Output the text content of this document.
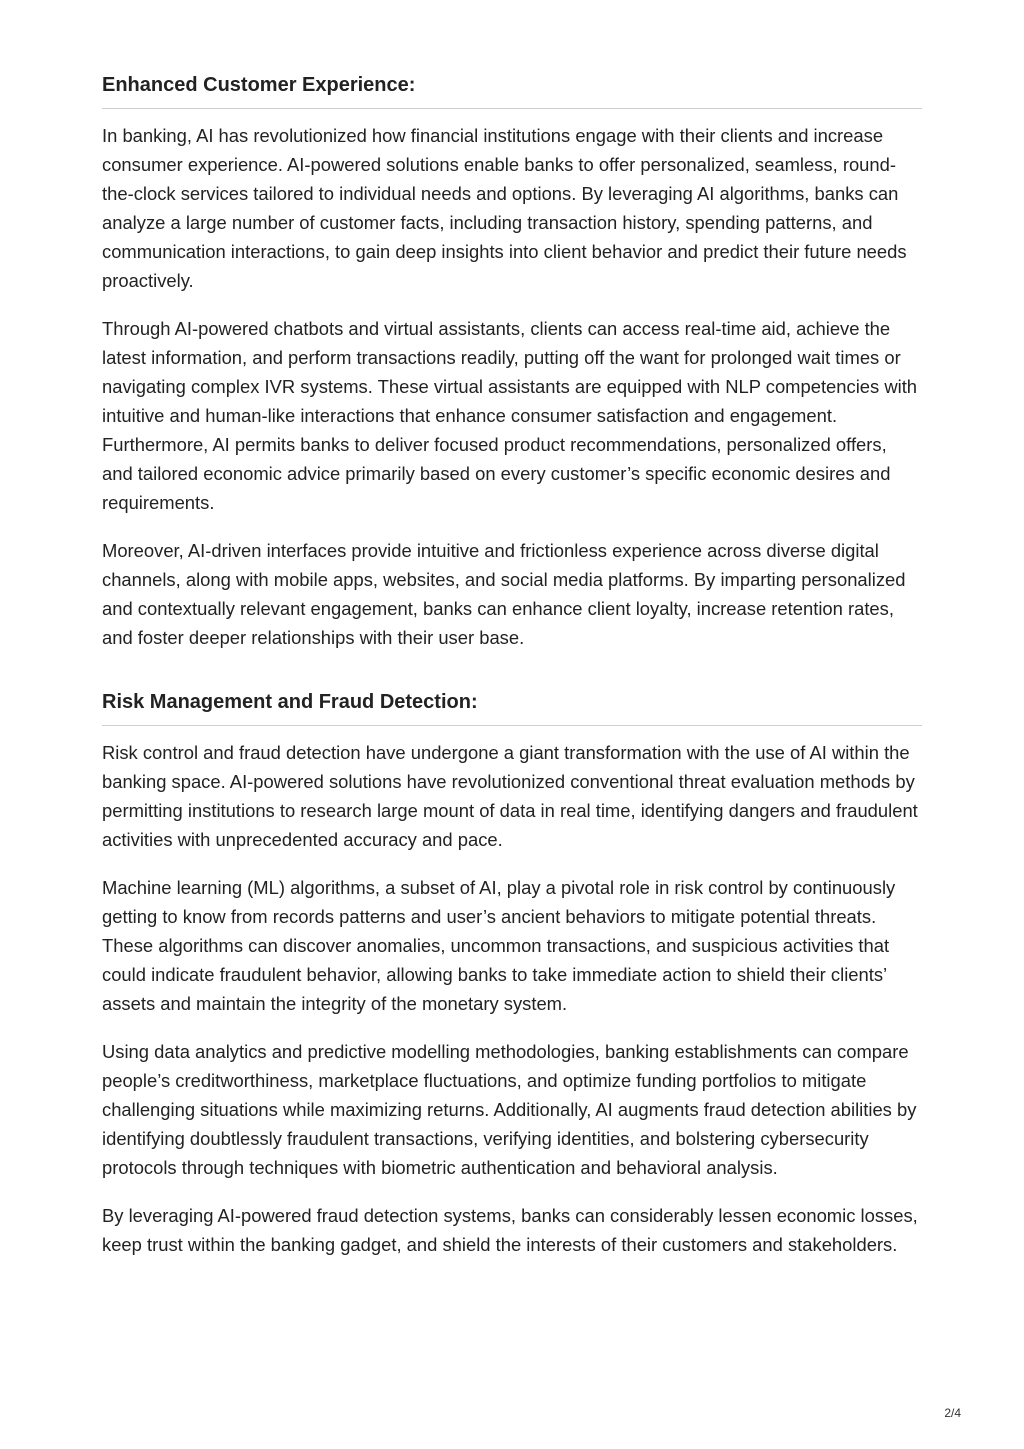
Enhanced Customer Experience:

In banking, AI has revolutionized how financial institutions engage with their clients and increase consumer experience. AI-powered solutions enable banks to offer personalized, seamless, round-the-clock services tailored to individual needs and options. By leveraging AI algorithms, banks can analyze a large number of customer facts, including transaction history, spending patterns, and communication interactions, to gain deep insights into client behavior and predict their future needs proactively.

Through AI-powered chatbots and virtual assistants, clients can access real-time aid, achieve the latest information, and perform transactions readily, putting off the want for prolonged wait times or navigating complex IVR systems. These virtual assistants are equipped with NLP competencies with intuitive and human-like interactions that enhance consumer satisfaction and engagement. Furthermore, AI permits banks to deliver focused product recommendations, personalized offers, and tailored economic advice primarily based on every customer’s specific economic desires and requirements.

Moreover, AI-driven interfaces provide intuitive and frictionless experience across diverse digital channels, along with mobile apps, websites, and social media platforms. By imparting personalized and contextually relevant engagement, banks can enhance client loyalty, increase retention rates, and foster deeper relationships with their user base.

Risk Management and Fraud Detection:

Risk control and fraud detection have undergone a giant transformation with the use of AI within the banking space. AI-powered solutions have revolutionized conventional threat evaluation methods by permitting institutions to research large mount of data in real time, identifying dangers and fraudulent activities with unprecedented accuracy and pace.

Machine learning (ML) algorithms, a subset of AI, play a pivotal role in risk control by continuously getting to know from records patterns and user’s ancient behaviors to mitigate potential threats. These algorithms can discover anomalies, uncommon transactions, and suspicious activities that could indicate fraudulent behavior, allowing banks to take immediate action to shield their clients’ assets and maintain the integrity of the monetary system.

Using data analytics and predictive modelling methodologies, banking establishments can compare people’s creditworthiness, marketplace fluctuations, and optimize funding portfolios to mitigate challenging situations while maximizing returns. Additionally, AI augments fraud detection abilities by identifying doubtlessly fraudulent transactions, verifying identities, and bolstering cybersecurity protocols through techniques with biometric authentication and behavioral analysis.

By leveraging AI-powered fraud detection systems, banks can considerably lessen economic losses, keep trust within the banking gadget, and shield the interests of their customers and stakeholders.

2/4
